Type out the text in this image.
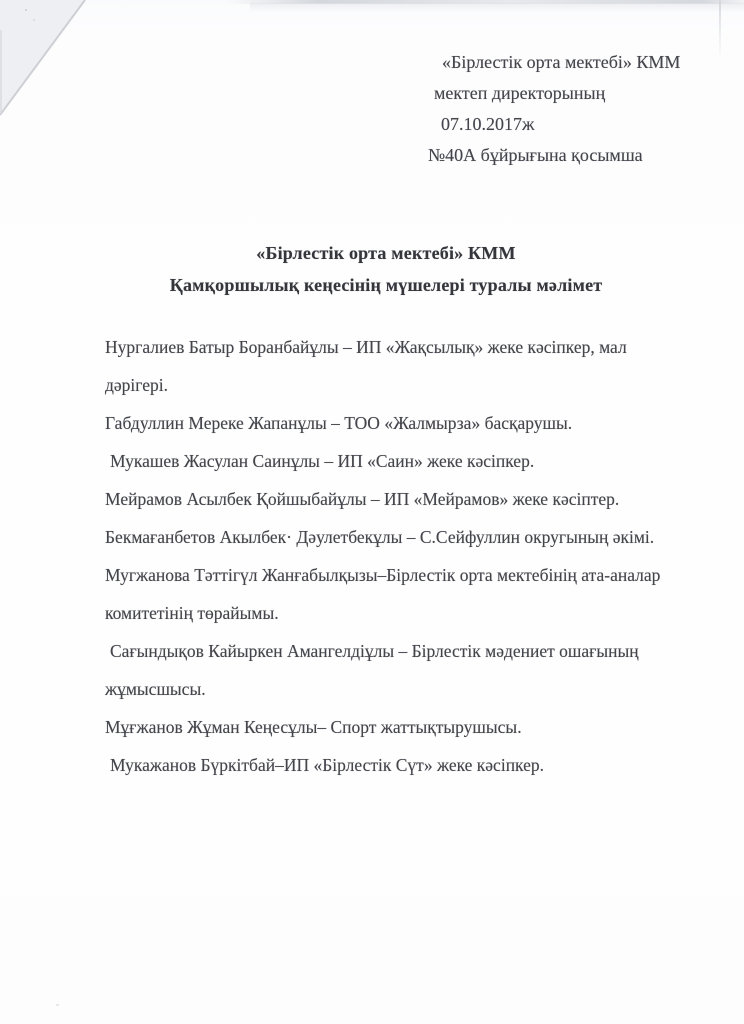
«Бірлестік орта мектебі» КММ
мектеп директорының
07.10.2017ж
№40А бұйрығына қосымша
«Бірлестік орта мектебі» КММ
Қамқоршылық кеңесінің мүшелері туралы мәлімет
Нургалиев Батыр Боранбайұлы – ИП «Жақсылық» жеке кәсіпкер, мал
дәрігері.
Габдуллин Мереке Жапанұлы – ТОО «Жалмырза» басқарушы.
Мукашев Жасулан Саинұлы – ИП «Саин» жеке кәсіпкер.
Мейрамов Асылбек Қойшыбайұлы – ИП «Мейрамов» жеке кәсіптер.
Бекмағанбетов Акылбек· Дәулетбекұлы – С.Сейфуллин округының әкімі.
Мугжанова Тәттігүл Жанғабылқызы–Бірлестік орта мектебінің ата-аналар
комитетінің төрайымы.
Сағындықов Кайыркен Амангелдіұлы – Бірлестік мәдениет ошағының
жұмысшысы.
Мұғжанов Жұман Кеңесұлы– Спорт жаттықтырушысы.
Мукажанов Бүркітбай–ИП «Бірлестік Сүт» жеке кәсіпкер.
